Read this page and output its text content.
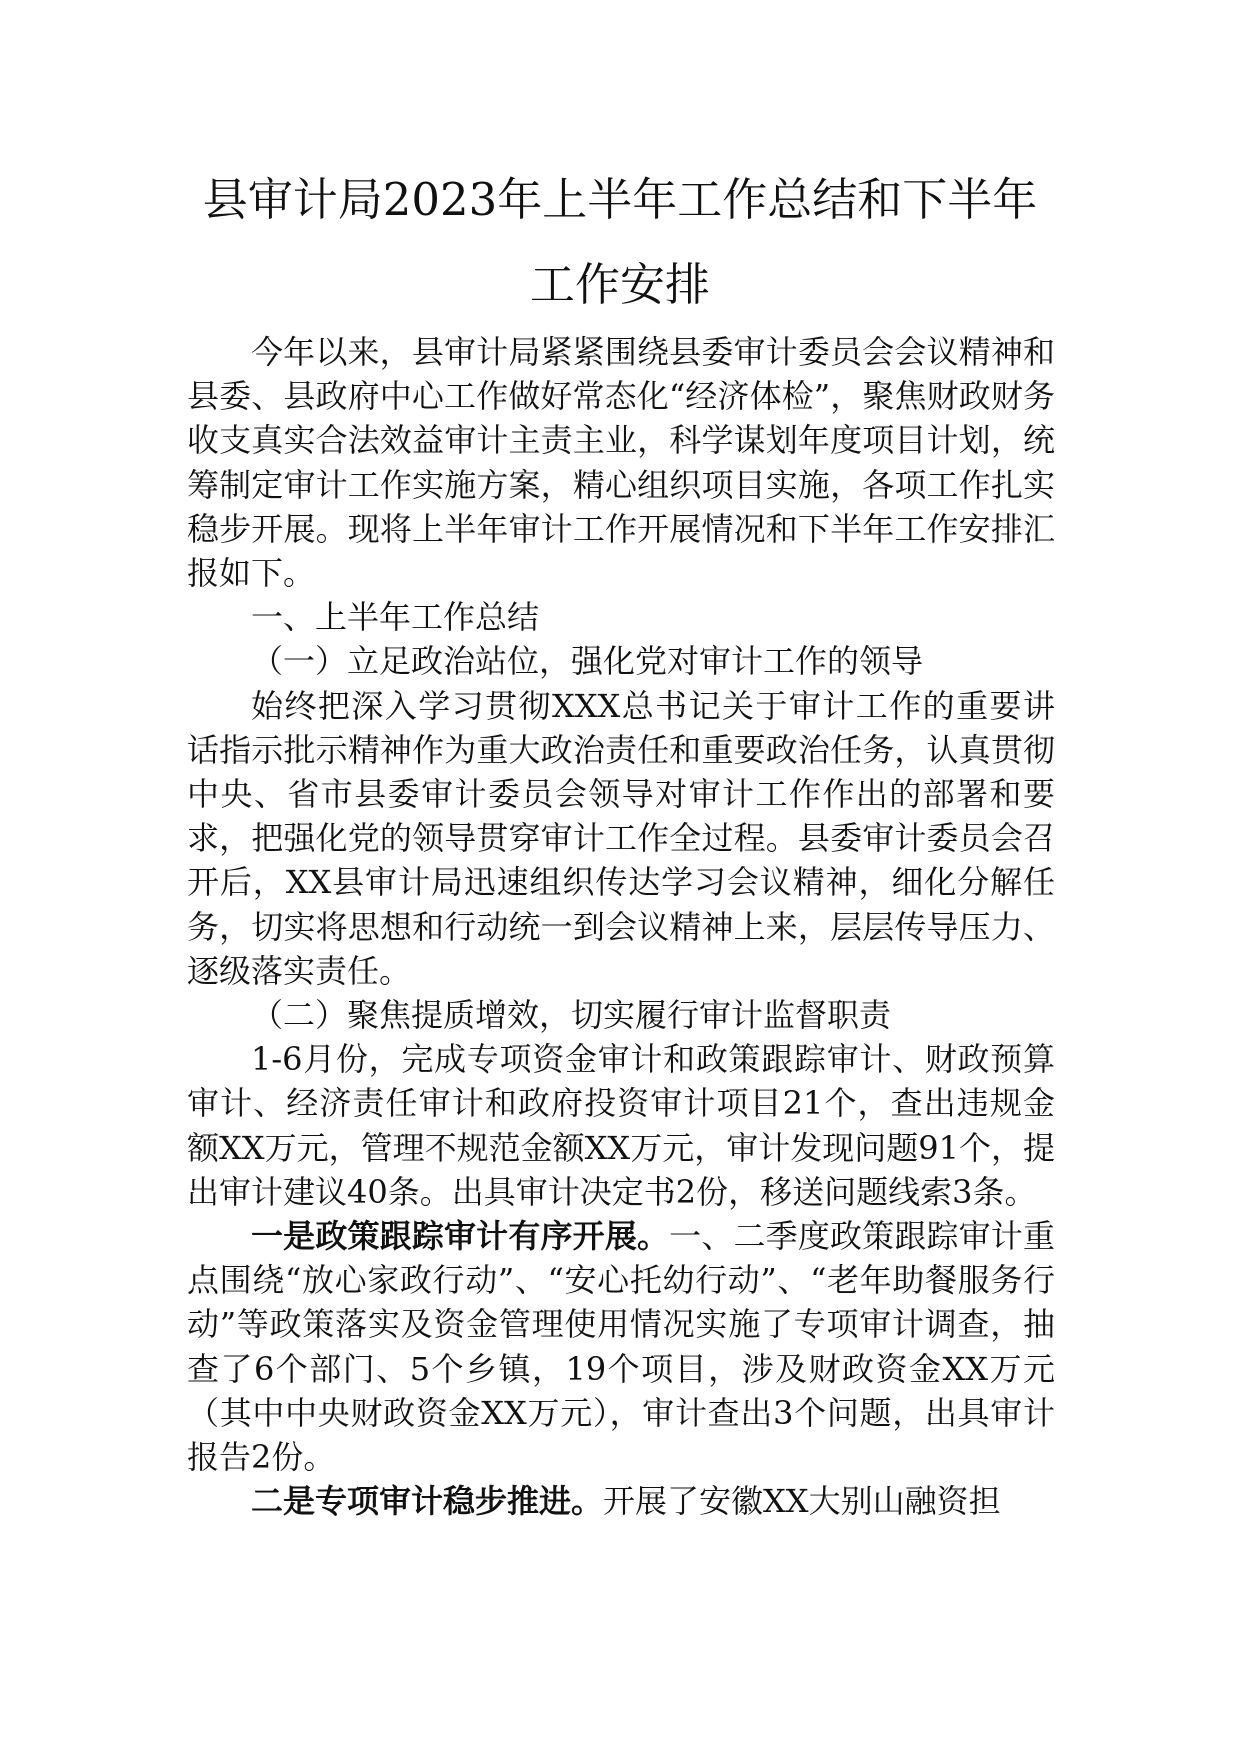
县审计局2023年上半年工作总结和下半年
工作安排

今年以来，县审计局紧紧围绕县委审计委员会会议精神和县委、县政府中心工作做好常态化“经济体检”，聚焦财政财务收支真实合法效益审计主责主业，科学谋划年度项目计划，统筹制定审计工作实施方案，精心组织项目实施，各项工作扎实稳步开展。现将上半年审计工作开展情况和下半年工作安排汇报如下。

一、上半年工作总结

（一）立足政治站位，强化党对审计工作的领导

始终把深入学习贯彻XXX总书记关于审计工作的重要讲话指示批示精神作为重大政治责任和重要政治任务，认真贯彻中央、省市县委审计委员会领导对审计工作作出的部署和要求，把强化党的领导贯穿审计工作全过程。县委审计委员会召开后，XX县审计局迅速组织传达学习会议精神，细化分解任务，切实将思想和行动统一到会议精神上来，层层传导压力、逐级落实责任。

（二）聚焦提质增效，切实履行审计监督职责

1-6月份，完成专项资金审计和政策跟踪审计、财政预算审计、经济责任审计和政府投资审计项目21个，查出违规金额XX万元，管理不规范金额XX万元，审计发现问题91个，提出审计建议40条。出具审计决定书2份，移送问题线索3条。

一是政策跟踪审计有序开展。一、二季度政策跟踪审计重点围绕“放心家政行动”、“安心托幼行动”、“老年助餐服务行动”等政策落实及资金管理使用情况实施了专项审计调查，抽查了6个部门、5个乡镇，19个项目，涉及财政资金XX万元（其中中央财政资金XX万元），审计查出3个问题，出具审计报告2份。

二是专项审计稳步推进。开展了安徽XX大别山融资担
